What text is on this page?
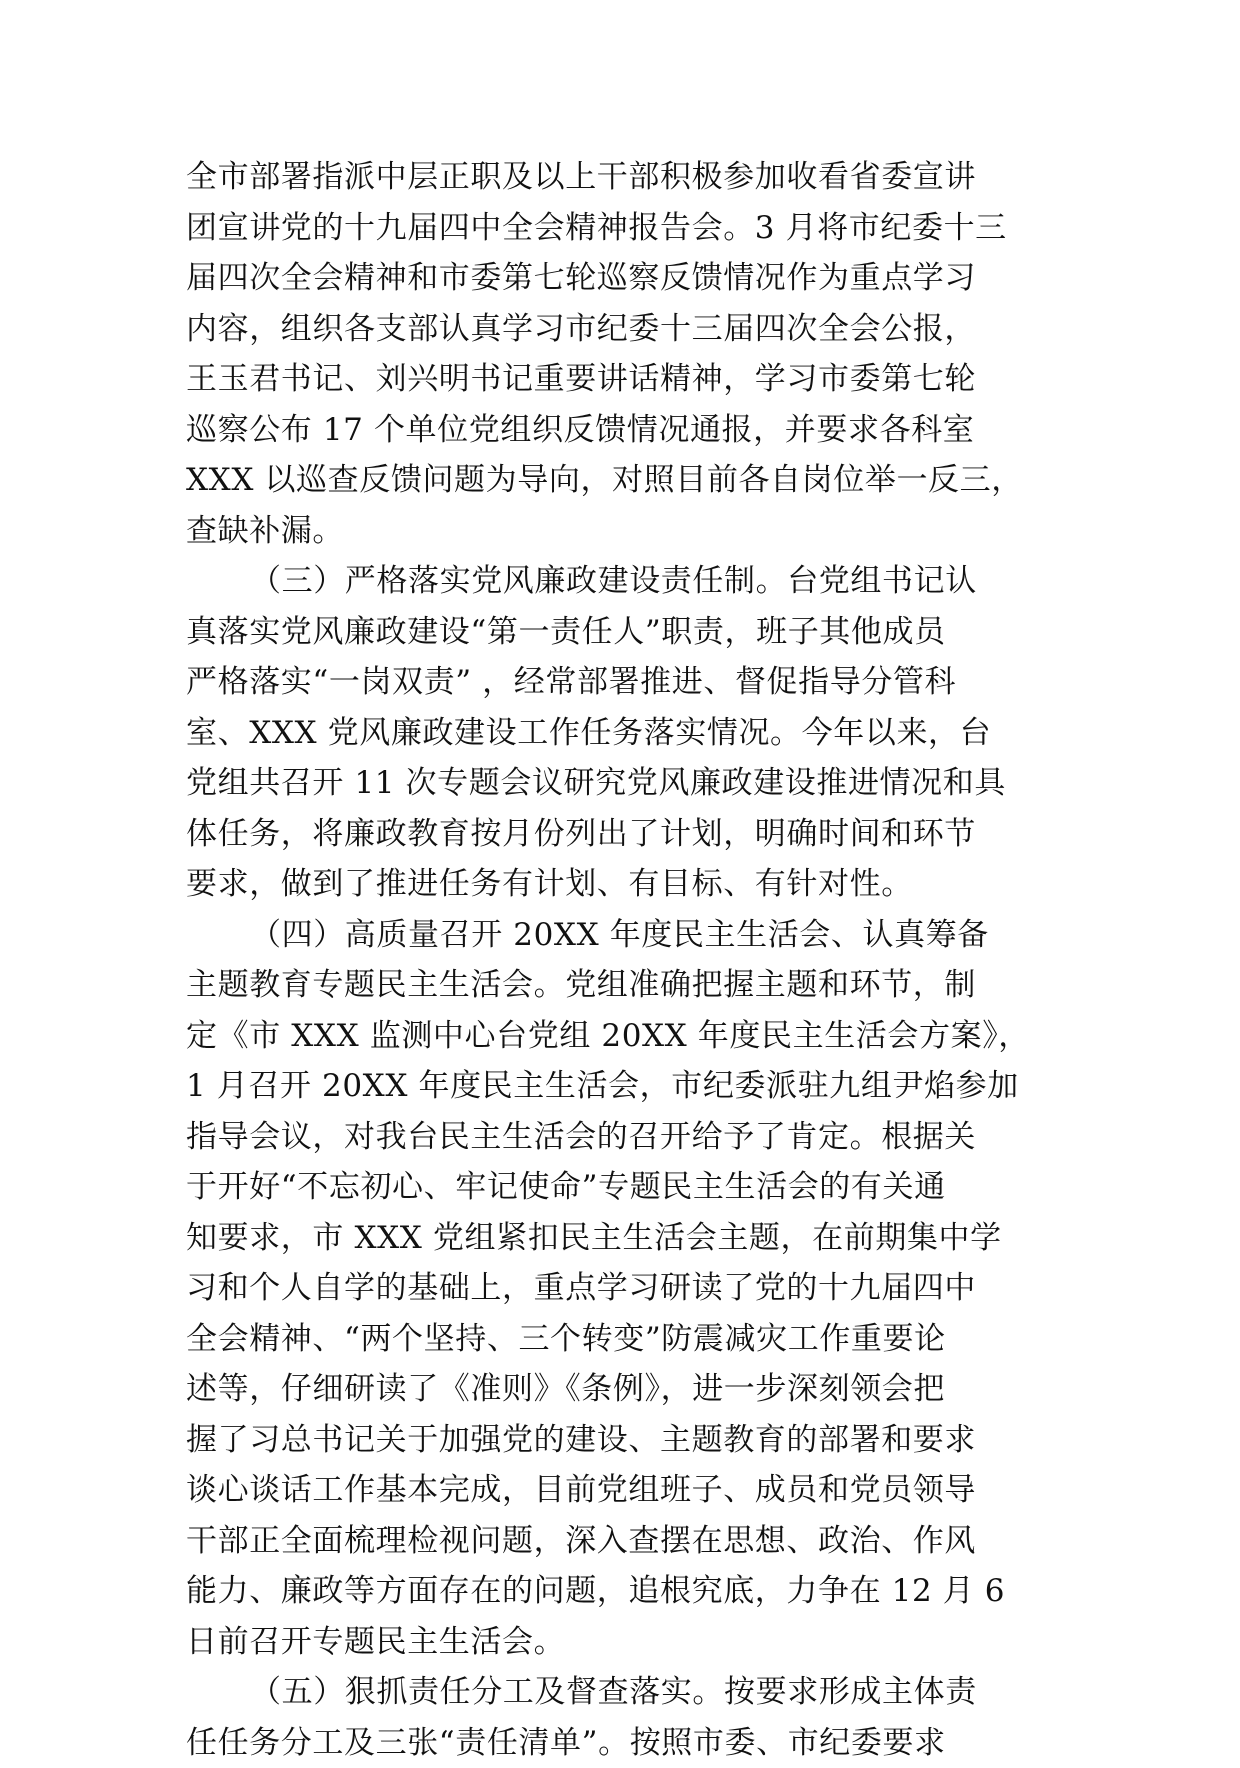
全市部署指派中层正职及以上干部积极参加收看省委宣讲
团宣讲党的十九届四中全会精神报告会。3 月将市纪委十三
届四次全会精神和市委第七轮巡察反馈情况作为重点学习
内容，组织各支部认真学习市纪委十三届四次全会公报，
王玉君书记、刘兴明书记重要讲话精神，学习市委第七轮
巡察公布 17 个单位党组织反馈情况通报，并要求各科室
XXX 以巡查反馈问题为导向，对照目前各自岗位举一反三，
查缺补漏。
（三）严格落实党风廉政建设责任制。台党组书记认
真落实党风廉政建设“第一责任人”职责，班子其他成员
严格落实“一岗双责” ，经常部署推进、督促指导分管科
室、XXX 党风廉政建设工作任务落实情况。今年以来，台
党组共召开 11 次专题会议研究党风廉政建设推进情况和具
体任务，将廉政教育按月份列出了计划，明确时间和环节
要求，做到了推进任务有计划、有目标、有针对性。
（四）高质量召开 20XX 年度民主生活会、认真筹备
主题教育专题民主生活会。党组准确把握主题和环节，制
定《市 XXX 监测中心台党组 20XX 年度民主生活会方案》，
1 月召开 20XX 年度民主生活会，市纪委派驻九组尹焰参加
指导会议，对我台民主生活会的召开给予了肯定。根据关
于开好“不忘初心、牢记使命”专题民主生活会的有关通
知要求，市 XXX 党组紧扣民主生活会主题，在前期集中学
习和个人自学的基础上，重点学习研读了党的十九届四中
全会精神、“两个坚持、三个转变”防震减灾工作重要论
述等，仔细研读了《准则》《条例》，进一步深刻领会把
握了习总书记关于加强党的建设、主题教育的部署和要求
谈心谈话工作基本完成，目前党组班子、成员和党员领导
干部正全面梳理检视问题，深入查摆在思想、政治、作风
能力、廉政等方面存在的问题，追根究底，力争在 12 月 6
日前召开专题民主生活会。
（五）狠抓责任分工及督查落实。按要求形成主体责
任任务分工及三张“责任清单”。按照市委、市纪委要求
